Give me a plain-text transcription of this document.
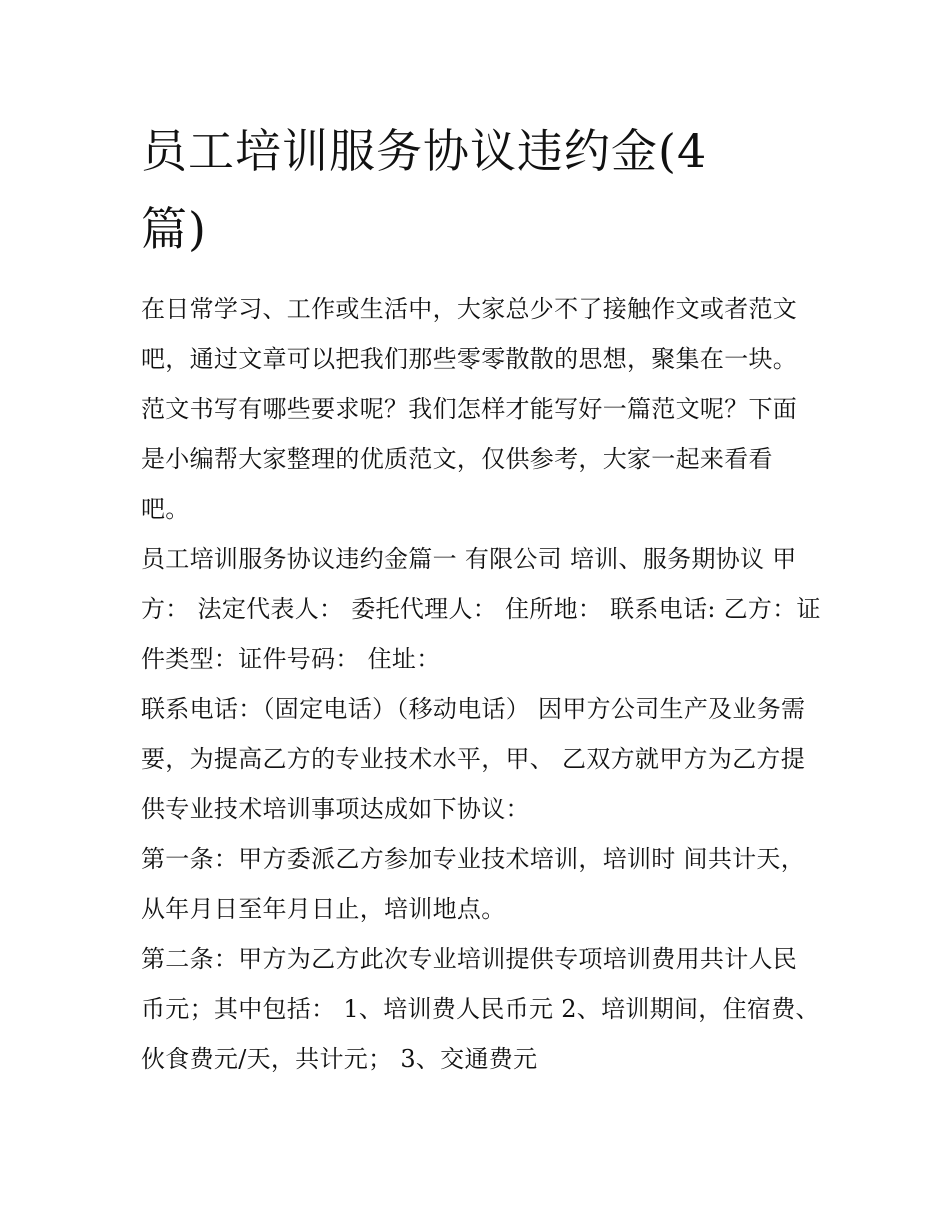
员工培训服务协议违约金(4篇)

在日常学习、工作或生活中，大家总少不了接触作文或者范文吧，通过文章可以把我们那些零零散散的思想，聚集在一块。范文书写有哪些要求呢？我们怎样才能写好一篇范文呢？下面是小编帮大家整理的优质范文，仅供参考，大家一起来看看吧。

员工培训服务协议违约金篇一 有限公司 培训、服务期协议 甲方： 法定代表人： 委托代理人： 住所地： 联系电话: 乙方：证件类型：证件号码： 住址：

联系电话：（固定电话）（移动电话） 因甲方公司生产及业务需要，为提高乙方的专业技术水平，甲、 乙双方就甲方为乙方提供专业技术培训事项达成如下协议：

第一条：甲方委派乙方参加专业技术培训，培训时 间共计天，从年月日至年月日止，培训地点。

第二条：甲方为乙方此次专业培训提供专项培训费用共计人民币元；其中包括： 1、培训费人民币元 2、培训期间，住宿费、伙食费元/天，共计元； 3、交通费元
